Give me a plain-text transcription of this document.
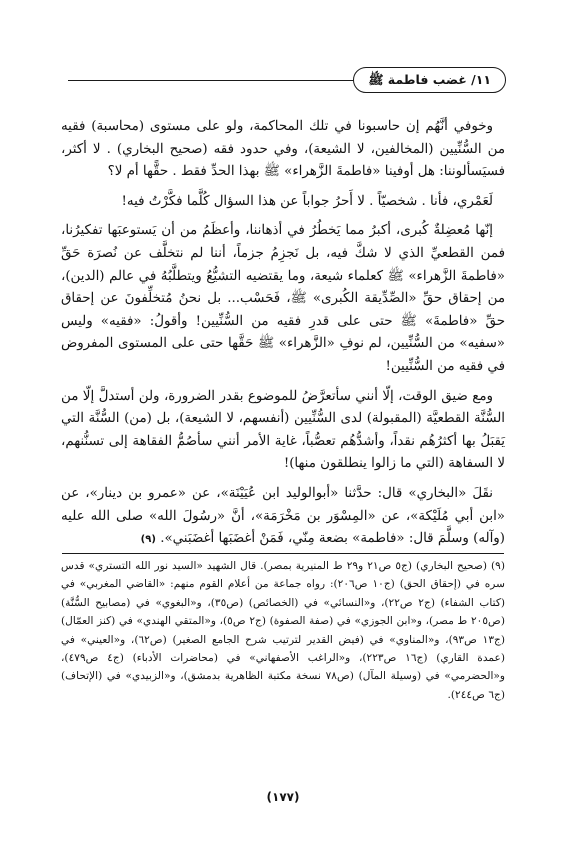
١١/ غضب فاطمة ﷺ

وخوفي أنَّهُم إن حاسبونا في تلك المحاكمة، ولو على مستوى (محاسبة) فقيه من السُّنِّيين (المخالفين، لا الشيعة)، وفي حدود فقه (صحيح البخاري) . لا أكثر، فسيَسألوننا: هل أوفينا «فاطمةَ الزَّهراء» ﷺ بهذا الحدِّ فقط . حقًّها أم لا؟

لَعَمْري، فأنا . شخصيّاً . لا أَحرُ جواباً عن هذا السؤال كُلَّما فكَّرْتُ فيه!

إنّها مُعضِلةٌ كُبرى، أكبرُ مما يَخطُرُ في أذهاننا، وأعظَمُ من أن يَستوعبَها تفكيرُنا، فمن القطعيِّ الذي لا شكَّ فيه، بل نَجزِمُ جزماً، أننا لم نتخلَّف عن نُصرَة حَقِّ «فاطمةَ الزَّهراء» ﷺ كعلماء شيعة، وما يقتضيه التشيُّعُ ويتطلَّبُهُ في عالم (الدين)، من إحقاق حقِّ «الصِّدِّيقة الكُبرى» ﷺ، فَحَسْب... بل نحنُ مُتخلِّفونَ عن إحقاق حقِّ «فاطمةَ» ﷺ حتى على قدرِ فقيه من السُّنِّيين! وأقولُ: «فقيه» وليس «سفيه» من السُّنِّيين، لم نوفِ «الزَّهراء» ﷺ حَقَّها حتى على المستوى المفروض في فقيه من السُّنِّيين!

ومع ضيق الوقت، إلّا أنني سأتعرَّضُ للموضوع بقدر الضرورة، ولن أستدلَّ إلّا من السُّنَّة القطعيَّة (المقبولة) لدى السُّنِّيين (أنفسهم، لا الشيعة)، بل (من) السُّنَّة التي يَقبَلُ بها أكثرُهُم نقداً، وأشدُّهُم تعصُّباً، غاية الأمر أنني سأصُمُّ الفقاهة إلى تسنُّنهم، لا السفاهة (التي ما زالوا ينطلقون منها)!

نقَلَ «البخاري» قال: حدَّثنا «أبوالوليد ابن عُيَيْنَة»، عن «عمرو بن دينار»، عن «ابن أبي مُلَيْكة»، عن «المِسْوَر بن مَخْرَمَة»، أنَّ «رسُولَ الله» صلى الله عليه (وآله) وسلَّمَ قال: «فاطمة» بضعة مِنّي، فَمَنْ أغضَبَها أغضَبَني». (٩)

(٩) (صحيح البخاري) (ج٥ ص٢١ و٢٩ ط المنيرية بمصر). قال الشهيد «السيد نور الله التستري» قدس سره في (إحقاق الحق) (ج١٠ ص٢٠٦): رواه جماعة من أعلام القوم منهم: «القاضي المغربي» في (كتاب الشفاء) (ج٢ ص٢٢)، و«النسائي» في (الخصائص) (ص٣٥)، و«البغوي» في (مصابيح السُّنَّة) (ص٢٠٥ ط مصر)، و«ابن الجوزي» في (صفة الصفوة) (ج٢ ص٥)، و«المتقي الهندي» في (كنز العمّال) (ج١٣ ص٩٣)، و«المناوي» في (فيض القدير لترتيب شرح الجامع الصغير) (ص٦٢)، و«العيني» في (عمدة القاري) (ج١٦ ص٢٢٣)، و«الراغب الأصفهاني» في (محاضرات الأدباء) (ج٤ ص٤٧٩)، و«الحضرمي» في (وسيلة المآل) (ص٧٨ نسخة مكتبة الظاهرية بدمشق)، و«الزبيدي» في (الإتحاف) (ج٦ ص٢٤٤).

(١٧٧)
